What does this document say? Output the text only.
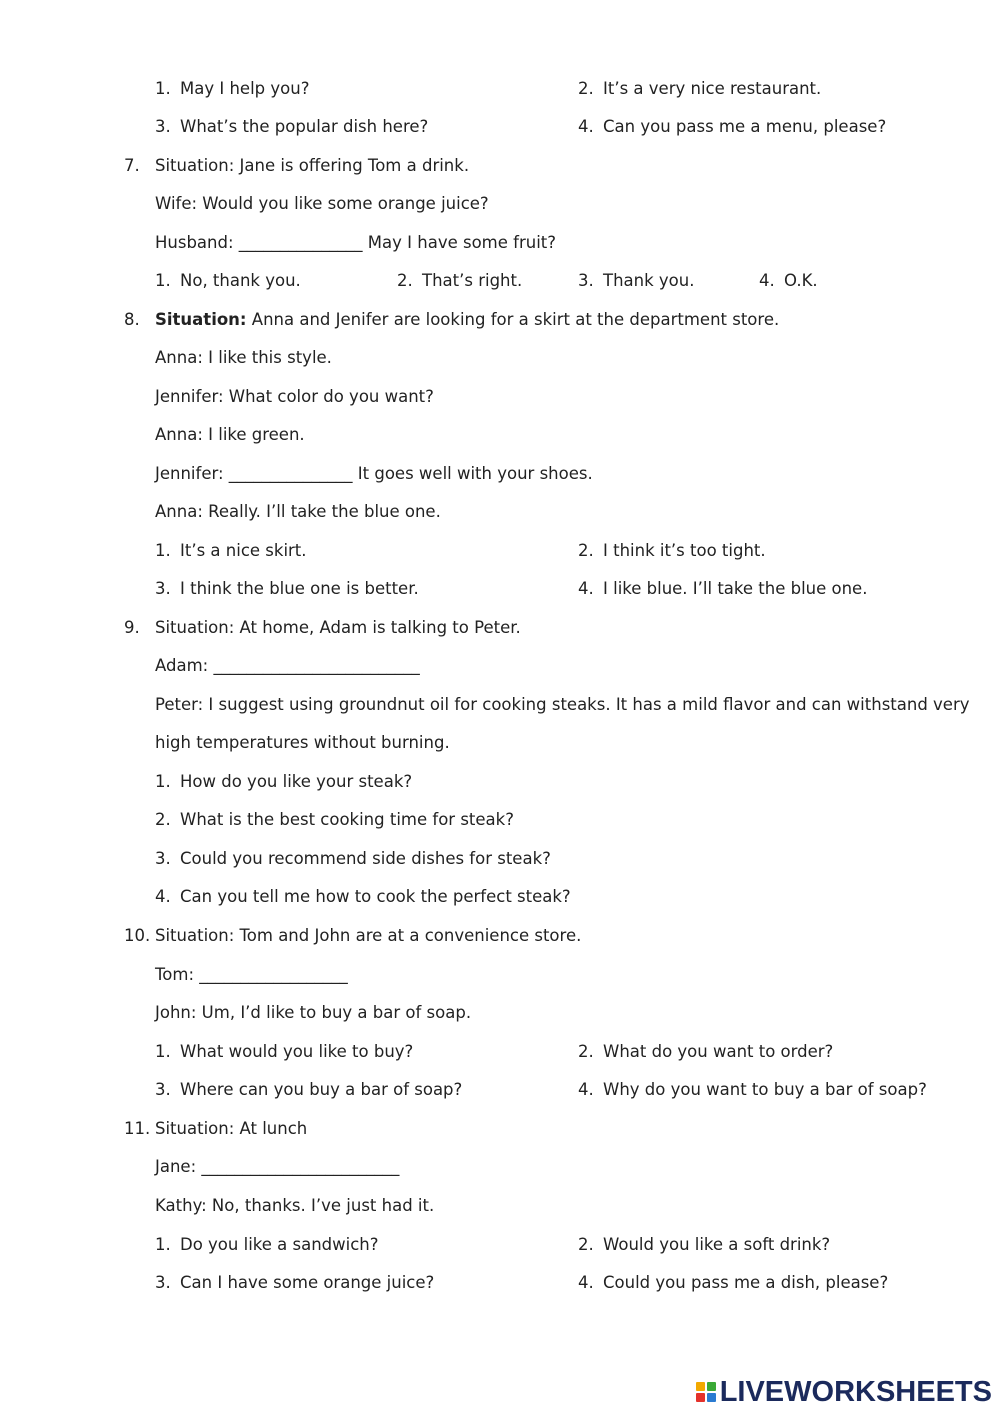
1. May I help you?	2. It’s a very nice restaurant.
3. What’s the popular dish here?	4. Can you pass me a menu, please?
7. Situation: Jane is offering Tom a drink.
Wife: Would you like some orange juice?
Husband: _______________ May I have some fruit?
1. No, thank you.	2. That’s right.	3. Thank you.	4. O.K.
8. Situation: Anna and Jenifer are looking for a skirt at the department store.
Anna: I like this style.
Jennifer: What color do you want?
Anna: I like green.
Jennifer: _______________ It goes well with your shoes.
Anna: Really. I’ll take the blue one.
1. It’s a nice skirt.	2. I think it’s too tight.
3. I think the blue one is better.	4. I like blue. I’ll take the blue one.
9. Situation: At home, Adam is talking to Peter.
Adam: _________________________
Peter: I suggest using groundnut oil for cooking steaks. It has a mild flavor and can withstand very
high temperatures without burning.
1. How do you like your steak?
2. What is the best cooking time for steak?
3. Could you recommend side dishes for steak?
4. Can you tell me how to cook the perfect steak?
10. Situation: Tom and John are at a convenience store.
Tom: __________________
John: Um, I’d like to buy a bar of soap.
1. What would you like to buy?	2. What do you want to order?
3. Where can you buy a bar of soap?	4. Why do you want to buy a bar of soap?
11. Situation: At lunch
Jane: ________________________
Kathy: No, thanks. I’ve just had it.
1. Do you like a sandwich?	2. Would you like a soft drink?
3. Can I have some orange juice?	4. Could you pass me a dish, please?
LIVEWORKSHEETS
